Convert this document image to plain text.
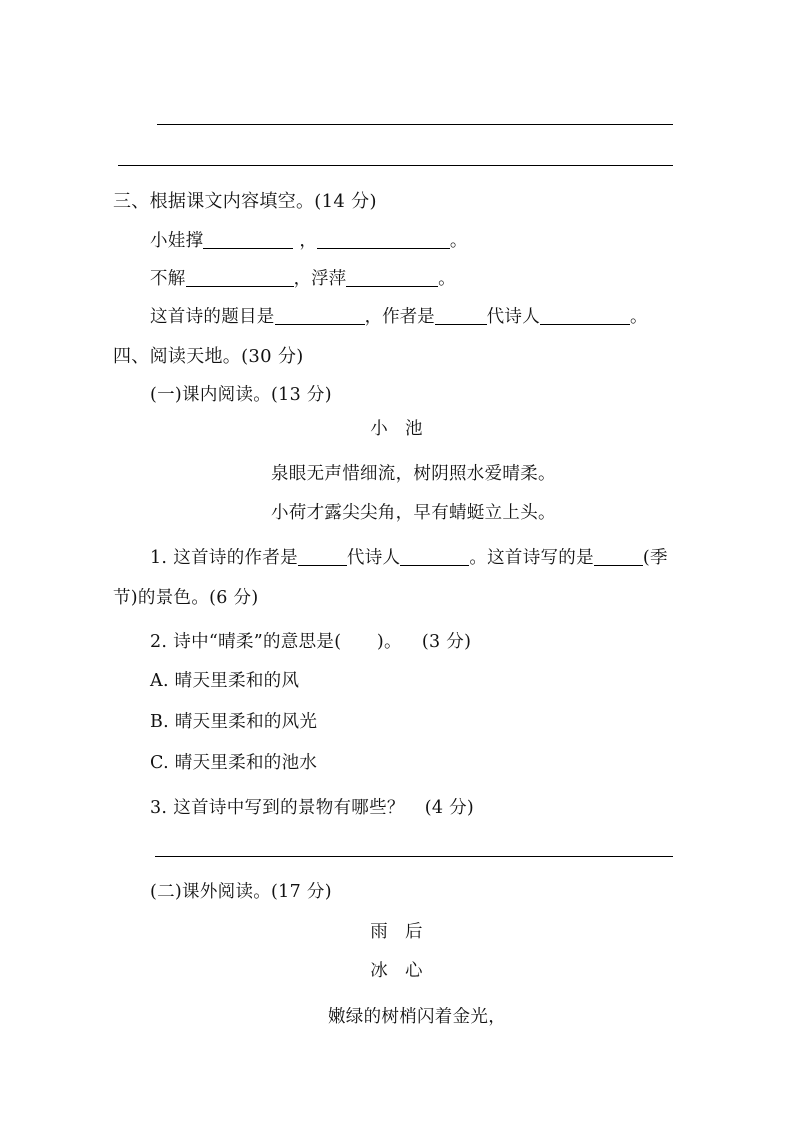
三、根据课文内容填空。(14 分)
小娃撑	，	。
不解	，浮萍	。
这首诗的题目是	，作者是	代诗人	。
四、阅读天地。(30 分)
(一)课内阅读。(13 分)
小 池
泉眼无声惜细流，树阴照水爱晴柔。
小荷才露尖尖角，早有蜻蜓立上头。
1. 这首诗的作者是	代诗人	。这首诗写的是	(季
节)的景色。(6 分)
2. 诗中“晴柔”的意思是(　　)。 (3 分)
A. 晴天里柔和的风
B. 晴天里柔和的风光
C. 晴天里柔和的池水
3. 这首诗中写到的景物有哪些？ (4 分)
(二)课外阅读。(17 分)
雨 后
冰 心
嫩绿的树梢闪着金光，
